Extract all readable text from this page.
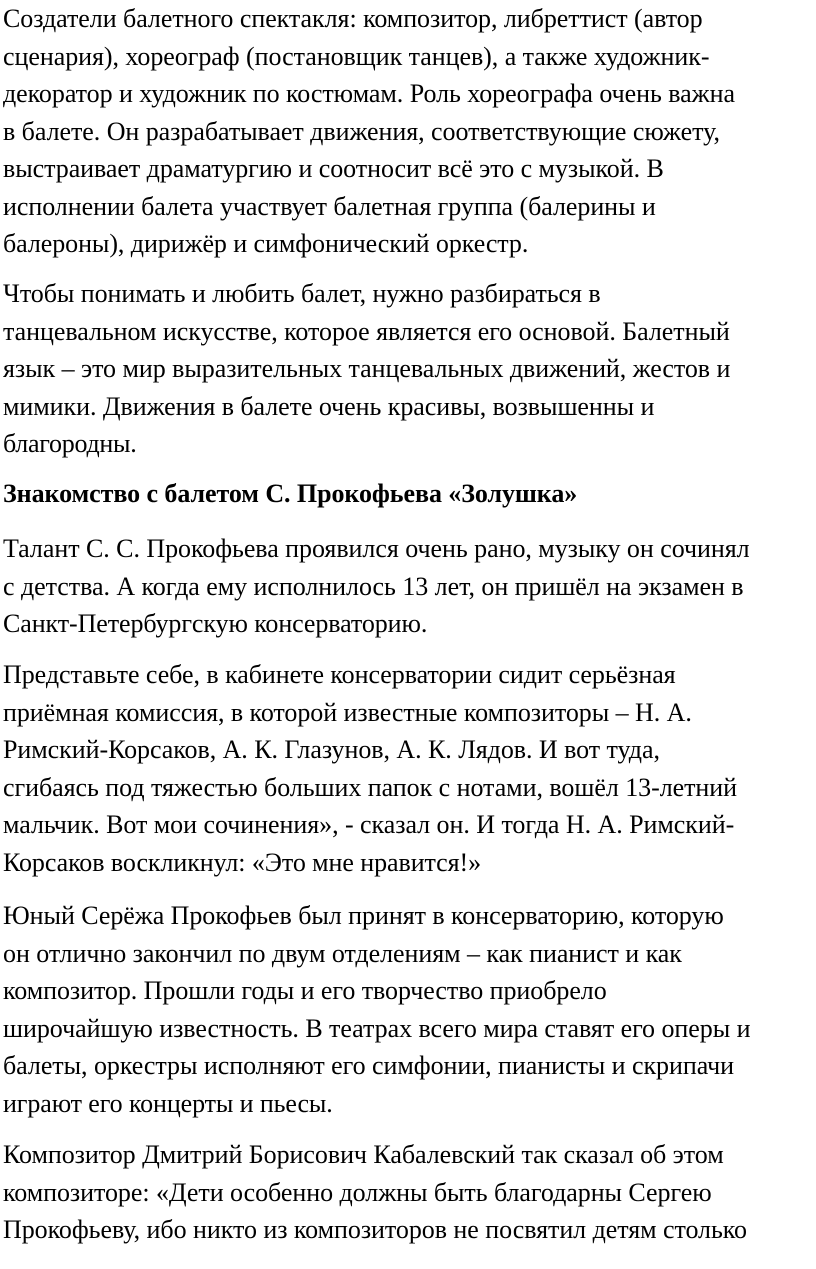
Создатели балетного спектакля: композитор, либреттист (автор
сценария), хореограф (постановщик танцев), а также художник-
декоратор и художник по костюмам. Роль хореографа очень важна
в балете. Он разрабатывает движения, соответствующие сюжету,
выстраивает драматургию и соотносит всё это с музыкой. В
исполнении балета участвует балетная группа (балерины и
балероны), дирижёр и симфонический оркестр.
Чтобы понимать и любить балет, нужно разбираться в
танцевальном искусстве, которое является его основой. Балетный
язык – это мир выразительных танцевальных движений, жестов и
мимики. Движения в балете очень красивы, возвышенны и
благородны.
Знакомство с балетом С. Прокофьева «Золушка»
Талант С. С. Прокофьева проявился очень рано, музыку он сочинял
с детства. А когда ему исполнилось 13 лет, он пришёл на экзамен в
Санкт-Петербургскую консерваторию.
Представьте себе, в кабинете консерватории сидит серьёзная
приёмная комиссия, в которой известные композиторы – Н. А.
Римский-Корсаков, А. К. Глазунов, А. К. Лядов. И вот туда,
сгибаясь под тяжестью больших папок с нотами, вошёл 13-летний
мальчик. Вот мои сочинения», - сказал он. И тогда Н. А. Римский-
Корсаков воскликнул: «Это мне нравится!»
Юный Серёжа Прокофьев был принят в консерваторию, которую
он отлично закончил по двум отделениям – как пианист и как
композитор. Прошли годы и его творчество приобрело
широчайшую известность. В театрах всего мира ставят его оперы и
балеты, оркестры исполняют его симфонии, пианисты и скрипачи
играют его концерты и пьесы.
Композитор Дмитрий Борисович Кабалевский так сказал об этом
композиторе: «Дети особенно должны быть благодарны Сергею
Прокофьеву, ибо никто из композиторов не посвятил детям столько
